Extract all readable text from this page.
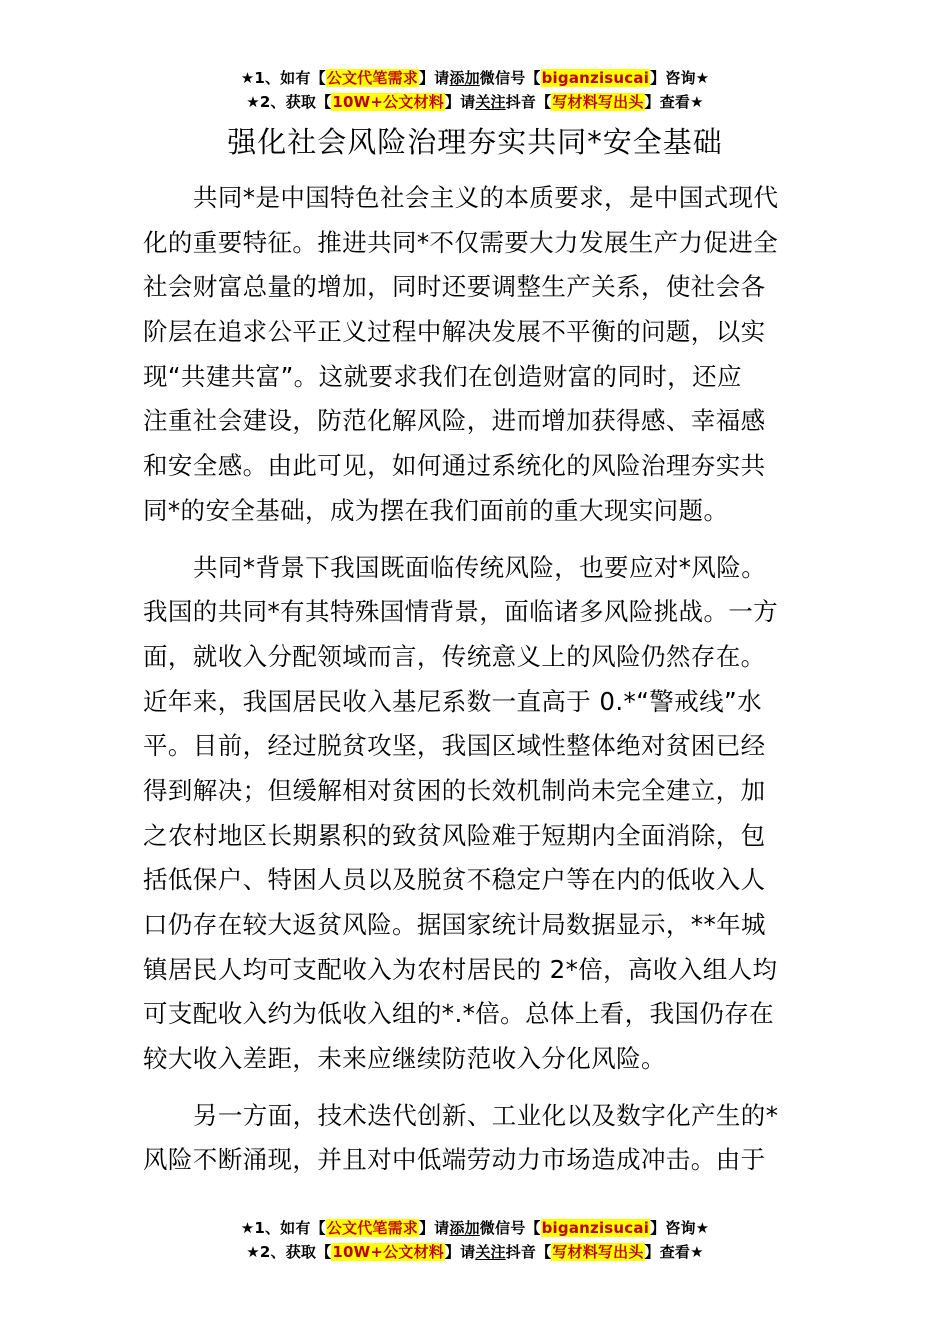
★1、如有【公文代笔需求】请添加微信号【biganzisucai】咨询★
★2、获取【10W+公文材料】请关注抖音【写材料写出头】查看★
强化社会风险治理夯实共同*安全基础
共同*是中国特色社会主义的本质要求，是中国式现代
化的重要特征。推进共同*不仅需要大力发展生产力促进全
社会财富总量的增加，同时还要调整生产关系，使社会各
阶层在追求公平正义过程中解决发展不平衡的问题，以实
现“共建共富”。这就要求我们在创造财富的同时，还应
注重社会建设，防范化解风险，进而增加获得感、幸福感
和安全感。由此可见，如何通过系统化的风险治理夯实共
同*的安全基础，成为摆在我们面前的重大现实问题。
共同*背景下我国既面临传统风险，也要应对*风险。
我国的共同*有其特殊国情背景，面临诸多风险挑战。一方
面，就收入分配领域而言，传统意义上的风险仍然存在。
近年来，我国居民收入基尼系数一直高于 0.*“警戒线”水
平。目前，经过脱贫攻坚，我国区域性整体绝对贫困已经
得到解决；但缓解相对贫困的长效机制尚未完全建立，加
之农村地区长期累积的致贫风险难于短期内全面消除，包
括低保户、特困人员以及脱贫不稳定户等在内的低收入人
口仍存在较大返贫风险。据国家统计局数据显示，**年城
镇居民人均可支配收入为农村居民的 2*倍，高收入组人均
可支配收入约为低收入组的*.*倍。总体上看，我国仍存在
较大收入差距，未来应继续防范收入分化风险。
另一方面，技术迭代创新、工业化以及数字化产生的*
风险不断涌现，并且对中低端劳动力市场造成冲击。由于
★1、如有【公文代笔需求】请添加微信号【biganzisucai】咨询★
★2、获取【10W+公文材料】请关注抖音【写材料写出头】查看★
